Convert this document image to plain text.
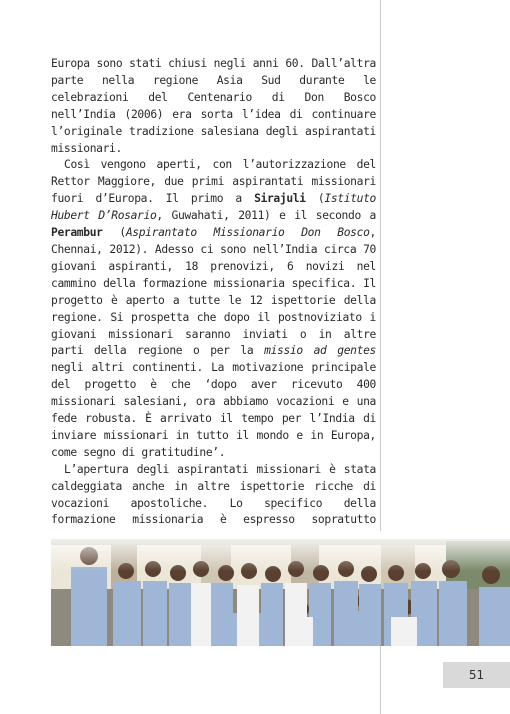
Europa sono stati chiusi negli anni 60. Dall’altra parte nella regione Asia Sud durante le celebrazioni del Centenario di Don Bosco nell’India (2006) era sorta l’idea di continuare l’originale tradizione salesiana degli aspirantati missionari.

Così vengono aperti, con l’autorizzazione del Rettor Maggiore, due primi aspirantati missionari fuori d’Europa. Il primo a Sirajuli (Istituto Hubert D’Rosario, Guwahati, 2011) e il secondo a Perambur (Aspirantato Missionario Don Bosco, Chennai, 2012). Adesso ci sono nell’India circa 70 giovani aspiranti, 18 prenovizi, 6 novizi nel cammino della formazione missionaria specifica. Il progetto è aperto a tutte le 12 ispettorie della regione. Si prospetta che dopo il postnoviziato i giovani missionari saranno inviati o in altre parti della regione o per la missio ad gentes negli altri continenti. La motivazione principale del progetto è che ‘dopo aver ricevuto 400 missionari salesiani, ora abbiamo vocazioni e una fede robusta. È arrivato il tempo per l’India di inviare missionari in tutto il mondo e in Europa, come segno di gratitudine’.

L’apertura degli aspirantati missionari è stata caldeggiata anche in altre ispettorie ricche di vocazioni apostoliche. Lo specifico della formazione missionaria è espresso sopratutto

51
